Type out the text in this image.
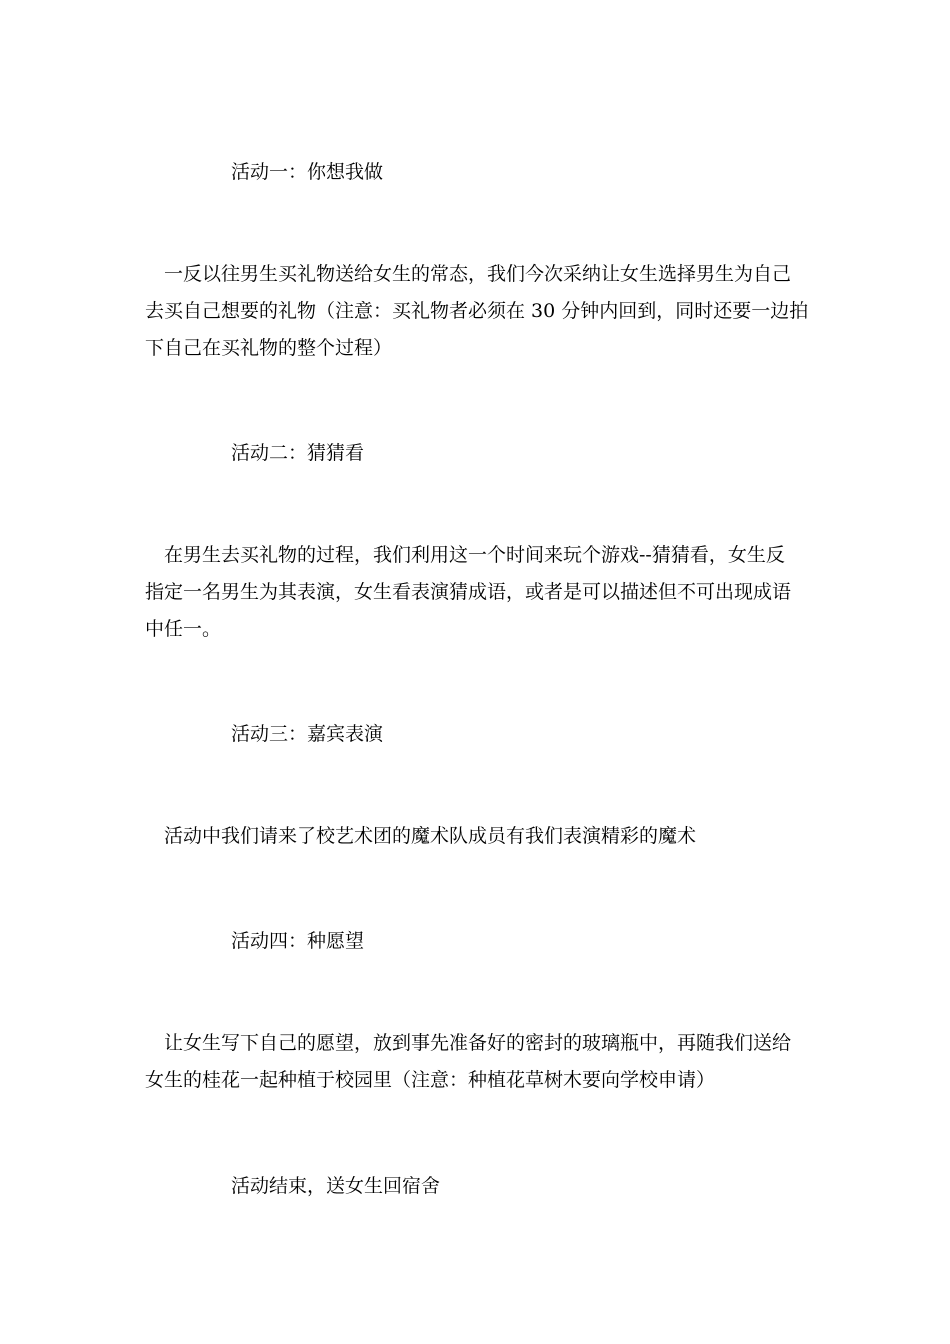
活动一：你想我做
一反以往男生买礼物送给女生的常态，我们今次采纳让女生选择男生为自己
去买自己想要的礼物（注意：买礼物者必须在 30 分钟内回到，同时还要一边拍
下自己在买礼物的整个过程）
活动二：猜猜看
在男生去买礼物的过程，我们利用这一个时间来玩个游戏--猜猜看，女生反
指定一名男生为其表演，女生看表演猜成语，或者是可以描述但不可出现成语
中任一。
活动三：嘉宾表演
活动中我们请来了校艺术团的魔术队成员有我们表演精彩的魔术
活动四：种愿望
让女生写下自己的愿望，放到事先准备好的密封的玻璃瓶中，再随我们送给
女生的桂花一起种植于校园里（注意：种植花草树木要向学校申请）
活动结束，送女生回宿舍
